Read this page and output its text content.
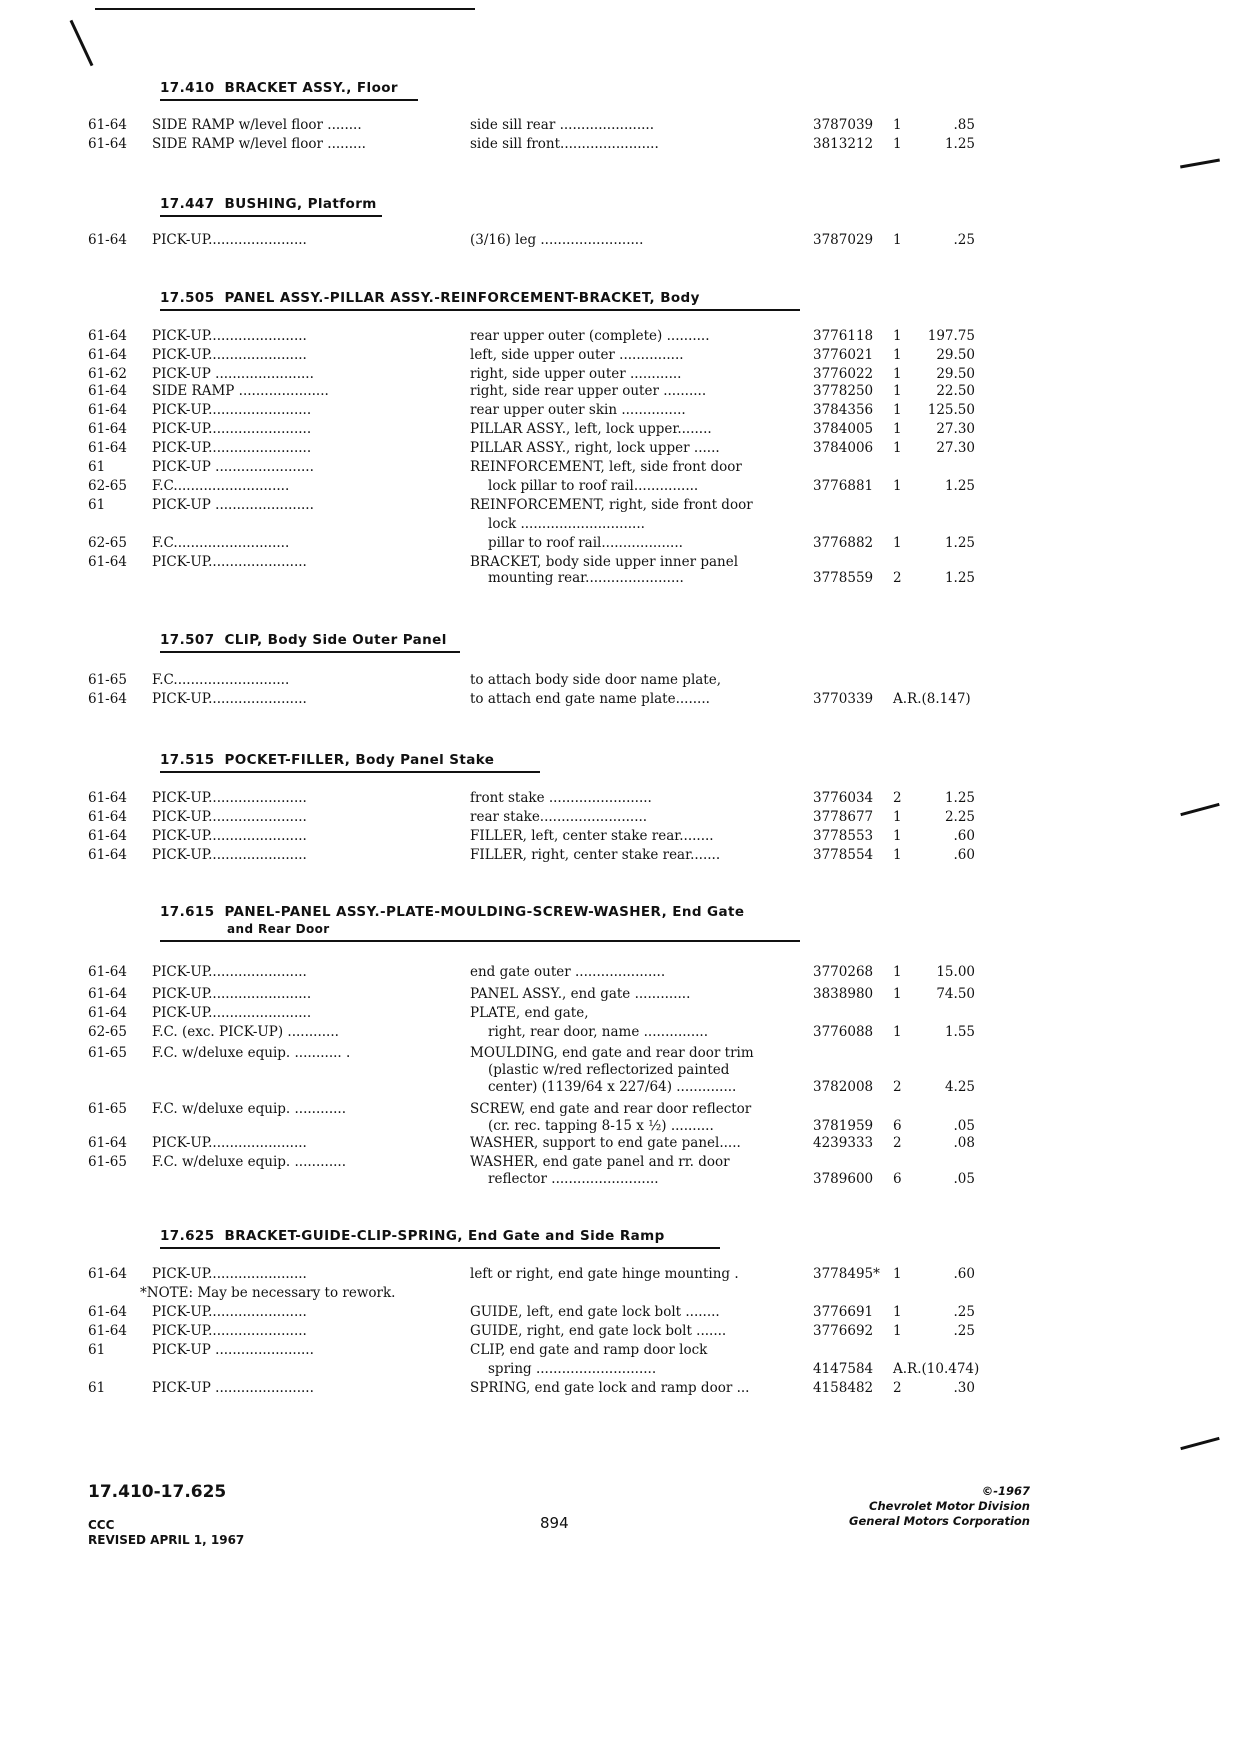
17.410 BRACKET ASSY., Floor
61-64	SIDE RAMP w/level floor ........	side sill rear ......................	3787039	1	.85
61-64	SIDE RAMP w/level floor .........	side sill front.......................	3813212	1	1.25
17.447 BUSHING, Platform
61-64	PICK-UP.......................	(3/16) leg ........................	3787029	1	.25
17.505 PANEL ASSY.-PILLAR ASSY.-REINFORCEMENT-BRACKET, Body
61-64	PICK-UP.......................	rear upper outer (complete) ..........	3776118	1	197.75
61-64	PICK-UP.......................	left, side upper outer ...............	3776021	1	29.50
61-62	PICK-UP .......................	right, side upper outer ............	3776022	1	29.50
61-64	SIDE RAMP .....................	right, side rear upper outer ..........	3778250	1	22.50
61-64	PICK-UP........................	rear upper outer skin ...............	3784356	1	125.50
61-64	PICK-UP........................	PILLAR ASSY., left, lock upper........	3784005	1	27.30
61-64	PICK-UP........................	PILLAR ASSY., right, lock upper ......	3784006	1	27.30
61	PICK-UP .......................	REINFORCEMENT, left, side front door
62-65	F.C...........................	lock pillar to roof rail...............	3776881	1	1.25
61	PICK-UP .......................	REINFORCEMENT, right, side front door
lock .............................
62-65	F.C...........................	pillar to roof rail...................	3776882	1	1.25
61-64	PICK-UP.......................	BRACKET, body side upper inner panel
mounting rear.......................	3778559	2	1.25
17.507 CLIP, Body Side Outer Panel
61-65	F.C...........................	to attach body side door name plate,
61-64	PICK-UP.......................	to attach end gate name plate........	3770339	A.R.(8.147)
17.515 POCKET-FILLER, Body Panel Stake
61-64	PICK-UP.......................	front stake ........................	3776034	2	1.25
61-64	PICK-UP.......................	rear stake.........................	3778677	1	2.25
61-64	PICK-UP.......................	FILLER, left, center stake rear........	3778553	1	.60
61-64	PICK-UP.......................	FILLER, right, center stake rear.......	3778554	1	.60
17.615 PANEL-PANEL ASSY.-PLATE-MOULDING-SCREW-WASHER, End Gate
and Rear Door
61-64	PICK-UP.......................	end gate outer .....................	3770268	1	15.00
61-64	PICK-UP........................	PANEL ASSY., end gate .............	3838980	1	74.50
61-64	PICK-UP........................	PLATE, end gate,
62-65	F.C. (exc. PICK-UP) ............	right, rear door, name ...............	3776088	1	1.55
61-65	F.C. w/deluxe equip. ........... .	MOULDING, end gate and rear door trim
(plastic w/red reflectorized painted
center) (1139/64 x 227/64) ..............	3782008	2	4.25
61-65	F.C. w/deluxe equip. ............	SCREW, end gate and rear door reflector
(cr. rec. tapping 8-15 x ½) ..........	3781959	6	.05
61-64	PICK-UP.......................	WASHER, support to end gate panel.....	4239333	2	.08
61-65	F.C. w/deluxe equip. ............	WASHER, end gate panel and rr. door
reflector .........................	3789600	6	.05
17.625 BRACKET-GUIDE-CLIP-SPRING, End Gate and Side Ramp
61-64	PICK-UP.......................	left or right, end gate hinge mounting .	3778495* 1	.60
*NOTE: May be necessary to rework.
61-64	PICK-UP.......................	GUIDE, left, end gate lock bolt ........	3776691	1	.25
61-64	PICK-UP.......................	GUIDE, right, end gate lock bolt .......	3776692	1	.25
61	PICK-UP .......................	CLIP, end gate and ramp door lock
spring ............................	4147584	A.R.(10.474)
61	PICK-UP .......................	SPRING, end gate lock and ramp door ...	4158482	2	.30
17.410-17.625
CCC
REVISED APRIL 1, 1967
894
©-1967
Chevrolet Motor Division
General Motors Corporation
